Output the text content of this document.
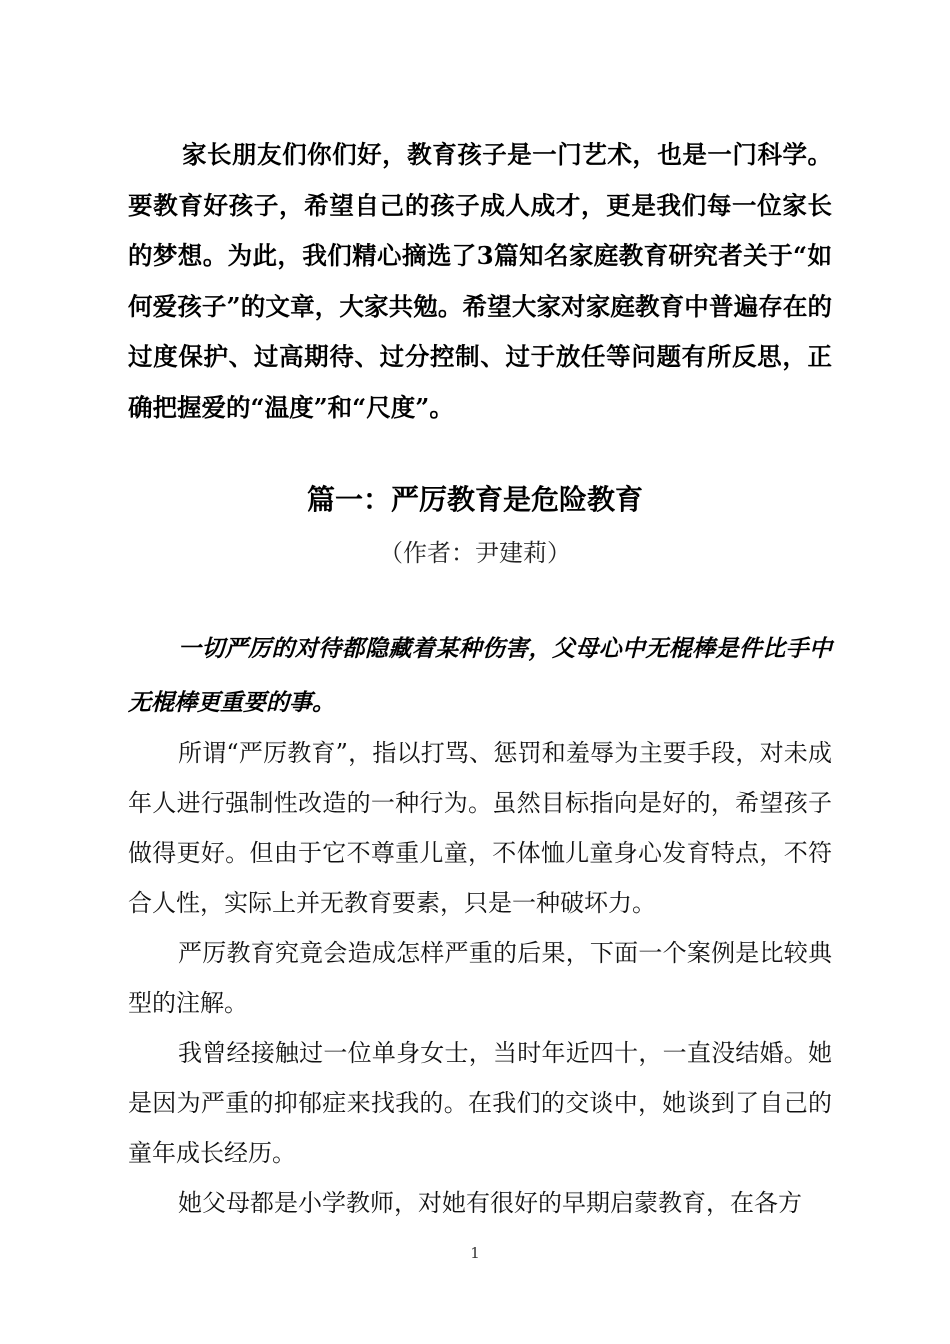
家长朋友们你们好，教育孩子是一门艺术，也是一门科学。要教育好孩子，希望自己的孩子成人成才，更是我们每一位家长的梦想。为此，我们精心摘选了3篇知名家庭教育研究者关于“如何爱孩子”的文章，大家共勉。希望大家对家庭教育中普遍存在的过度保护、过高期待、过分控制、过于放任等问题有所反思，正确把握爱的“温度”和“尺度”。

篇一：严厉教育是危险教育
（作者：尹建莉）

一切严厉的对待都隐藏着某种伤害，父母心中无棍棒是件比手中无棍棒更重要的事。

所谓“严厉教育”，指以打骂、惩罚和羞辱为主要手段，对未成年人进行强制性改造的一种行为。虽然目标指向是好的，希望孩子做得更好。但由于它不尊重儿童，不体恤儿童身心发育特点，不符合人性，实际上并无教育要素，只是一种破坏力。

严厉教育究竟会造成怎样严重的后果，下面一个案例是比较典型的注解。

我曾经接触过一位单身女士，当时年近四十，一直没结婚。她是因为严重的抑郁症来找我的。在我们的交谈中，她谈到了自己的童年成长经历。

她父母都是小学教师，对她有很好的早期启蒙教育，在各方

1
